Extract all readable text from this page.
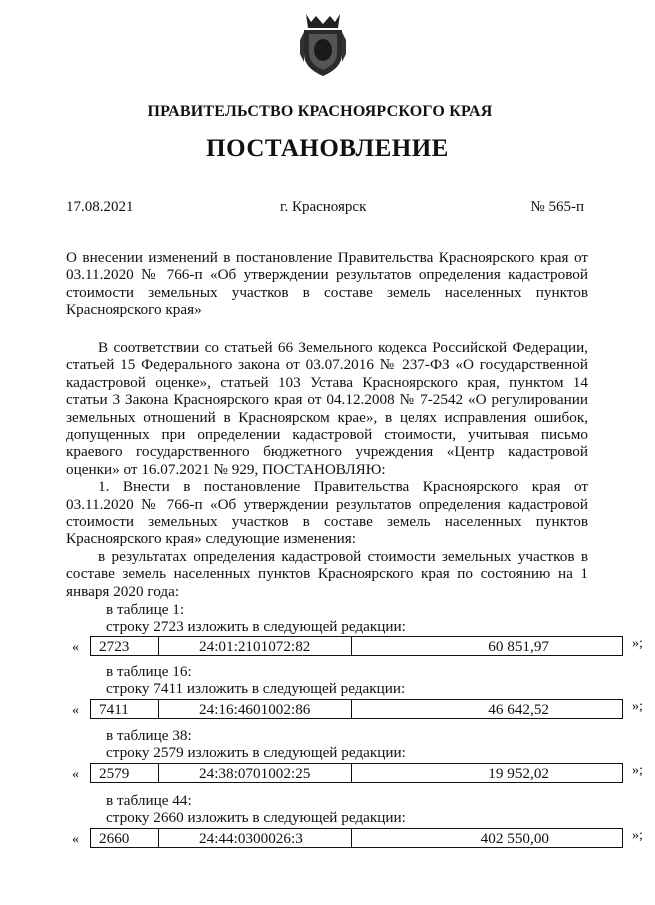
ПРАВИТЕЛЬСТВО КРАСНОЯРСКОГО КРАЯ
ПОСТАНОВЛЕНИЕ
17.08.2021	г. Красноярск	№ 565-п
О внесении изменений в постановление Правительства Красноярского края от 03.11.2020 № 766-п «Об утверждении результатов определения кадастровой стоимости земельных участков в составе земель населенных пунктов Красноярского края»

В соответствии со статьей 66 Земельного кодекса Российской Федерации, статьей 15 Федерального закона от 03.07.2016 № 237-ФЗ «О государственной кадастровой оценке», статьей 103 Устава Красноярского края, пунктом 14 статьи 3 Закона Красноярского края от 04.12.2008 № 7-2542 «О регулировании земельных отношений в Красноярском крае», в целях исправления ошибок, допущенных при определении кадастровой стоимости, учитывая письмо краевого государственного бюджетного учреждения «Центр кадастровой оценки» от 16.07.2021 № 929, ПОСТАНОВЛЯЮ:

1. Внести в постановление Правительства Красноярского края от 03.11.2020 № 766-п «Об утверждении результатов определения кадастровой стоимости земельных участков в составе земель населенных пунктов Красноярского края» следующие изменения:

в результатах определения кадастровой стоимости земельных участков в составе земель населенных пунктов Красноярского края по состоянию на 1 января 2020 года:

в таблице 1:
строку 2723 изложить в следующей редакции:
«	2723	24:01:2101072:82	60 851,97	»;
в таблице 16:
строку 7411 изложить в следующей редакции:
«	7411	24:16:4601002:86	46 642,52	»;
в таблице 38:
строку 2579 изложить в следующей редакции:
«	2579	24:38:0701002:25	19 952,02	»;
в таблице 44:
строку 2660 изложить в следующей редакции:
«	2660	24:44:0300026:3	402 550,00	»;
